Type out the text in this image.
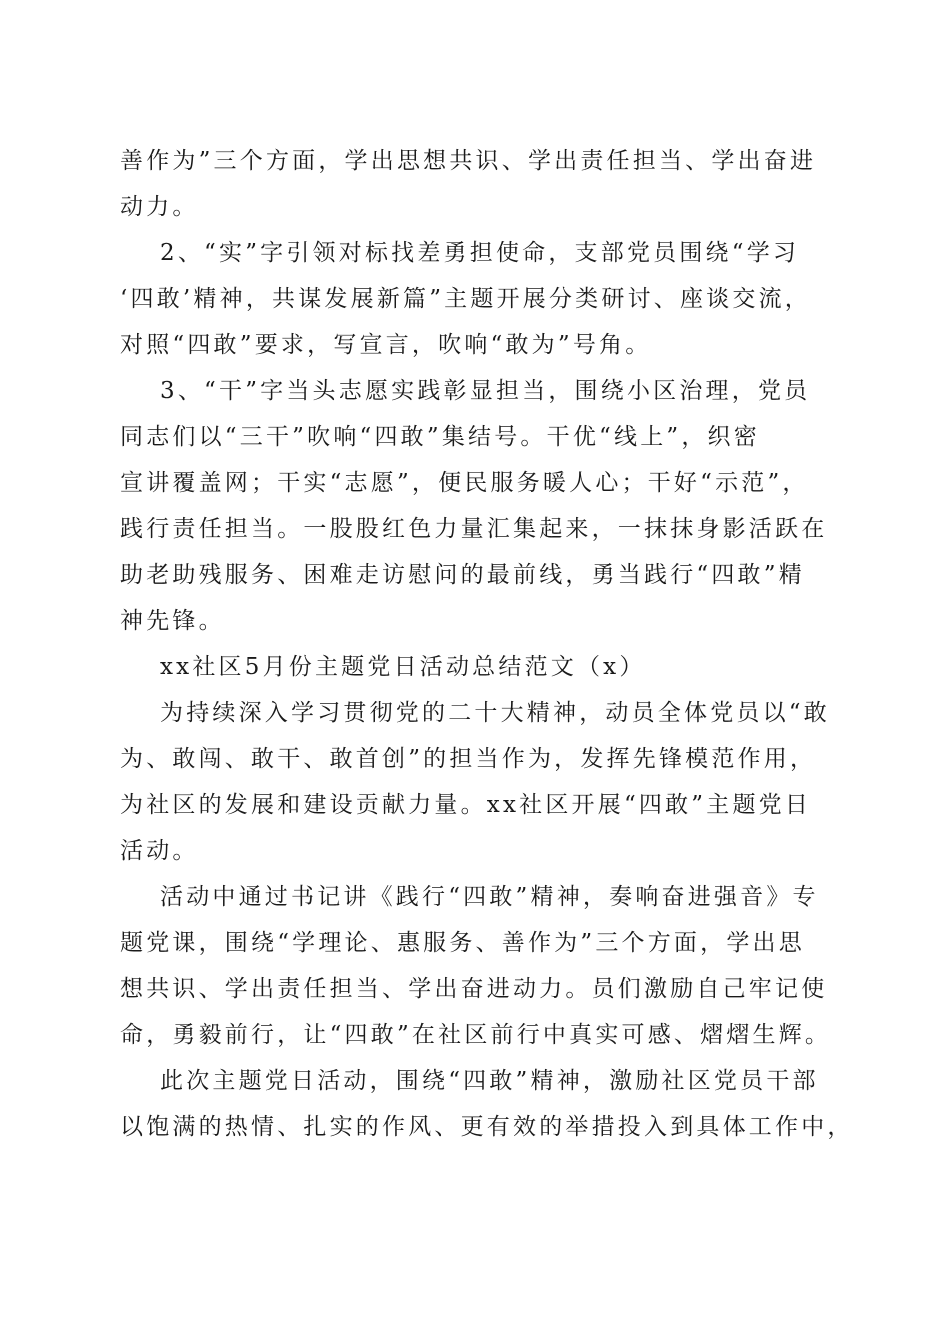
善作为”三个方面，学出思想共识、学出责任担当、学出奋进
动力。
2、“实”字引领对标找差勇担使命，支部党员围绕“学习
‘四敢’精神，共谋发展新篇”主题开展分类研讨、座谈交流，
对照“四敢”要求，写宣言，吹响“敢为”号角。
3、“干”字当头志愿实践彰显担当，围绕小区治理，党员
同志们以“三干”吹响“四敢”集结号。干优“线上”，织密
宣讲覆盖网；干实“志愿”，便民服务暖人心；干好“示范”，
践行责任担当。一股股红色力量汇集起来，一抹抹身影活跃在
助老助残服务、困难走访慰问的最前线，勇当践行“四敢”精
神先锋。
xx社区5月份主题党日活动总结范文（x）
为持续深入学习贯彻党的二十大精神，动员全体党员以“敢
为、敢闯、敢干、敢首创”的担当作为，发挥先锋模范作用，
为社区的发展和建设贡献力量。xx社区开展“四敢”主题党日
活动。
活动中通过书记讲《践行“四敢”精神，奏响奋进强音》专
题党课，围绕“学理论、惠服务、善作为”三个方面，学出思
想共识、学出责任担当、学出奋进动力。员们激励自己牢记使
命，勇毅前行，让“四敢”在社区前行中真实可感、熠熠生辉。
此次主题党日活动，围绕“四敢”精神，激励社区党员干部
以饱满的热情、扎实的作风、更有效的举措投入到具体工作中，
